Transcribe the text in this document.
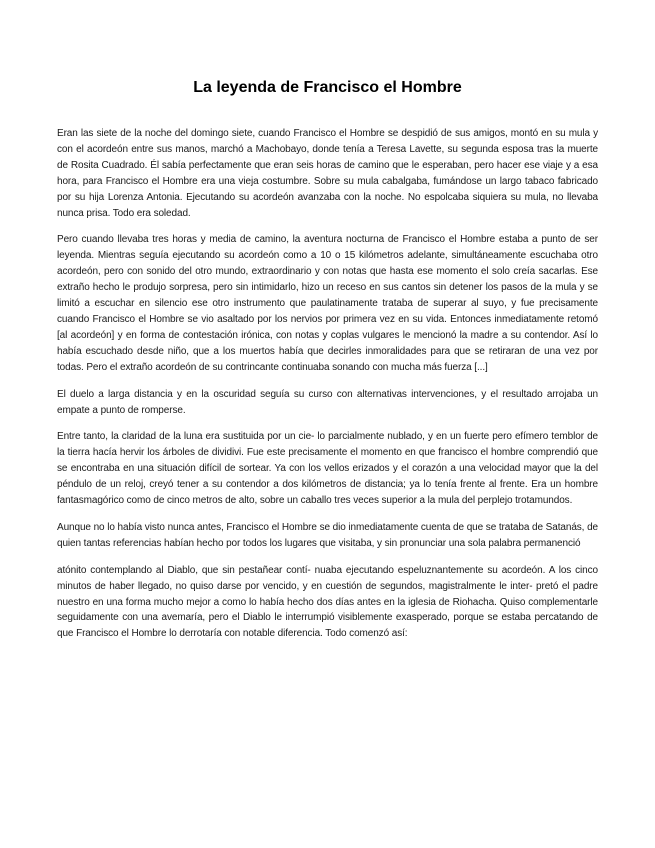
La leyenda de Francisco el Hombre

Eran las siete de la noche del domingo siete, cuando Francisco el Hombre se despidió de sus amigos, montó en su mula y con el acordeón entre sus manos, marchó a Machobayo, donde tenía a Teresa Lavette, su segunda esposa tras la muerte de Rosita Cuadrado. Él sabía perfectamente que eran seis horas de camino que le esperaban, pero hacer ese viaje y a esa hora, para Francisco el Hombre era una vieja costumbre. Sobre su mula cabalgaba, fumándose un largo tabaco fabricado por su hija Lorenza Antonia. Ejecutando su acordeón avanzaba con la noche. No espolcaba siquiera su mula, no llevaba nunca prisa. Todo era soledad.

Pero cuando llevaba tres horas y media de camino, la aventura nocturna de Francisco el Hombre estaba a punto de ser leyenda. Mientras seguía ejecutando su acordeón como a 10 o 15 kilómetros adelante, simultáneamente escuchaba otro acordeón, pero con sonido del otro mundo, extraordinario y con notas que hasta ese momento el solo creía sacarlas. Ese extraño hecho le produjo sorpresa, pero sin intimidarlo, hizo un receso en sus cantos sin detener los pasos de la mula y se limitó a escuchar en silencio ese otro instrumento que paulatinamente trataba de superar al suyo, y fue precisamente cuando Francisco el Hombre se vio asaltado por los nervios por primera vez en su vida. Entonces inmediatamente retomó [al acordeón] y en forma de contestación irónica, con notas y coplas vulgares le mencionó la madre a su contendor. Así lo había escuchado desde niño, que a los muertos había que decirles inmoralidades para que se retiraran de una vez por todas. Pero el extraño acordeón de su contrincante continuaba sonando con mucha más fuerza [...]

El duelo a larga distancia y en la oscuridad seguía su curso con alternativas intervenciones, y el resultado arrojaba un empate a punto de romperse.

Entre tanto, la claridad de la luna era sustituida por un cie- lo parcialmente nublado, y en un fuerte pero efímero temblor de la tierra hacía hervir los árboles de dividivi. Fue este precisamente el momento en que francisco el hombre comprendió que se encontraba en una situación difícil de sortear. Ya con los vellos erizados y el corazón a una velocidad mayor que la del péndulo de un reloj, creyó tener a su contendor a dos kilómetros de distancia; ya lo tenía frente al frente. Era un hombre fantasmagórico como de cinco metros de alto, sobre un caballo tres veces superior a la mula del perplejo trotamundos.

Aunque no lo había visto nunca antes, Francisco el Hombre se dio inmediatamente cuenta de que se trataba de Satanás, de quien tantas referencias habían hecho por todos los lugares que visitaba, y sin pronunciar una sola palabra permanenció

atónito contemplando al Diablo, que sin pestañear contí- nuaba ejecutando espeluznantemente su acordeón. A los cinco minutos de haber llegado, no quiso darse por vencido, y en cuestión de segundos, magistralmente le inter- pretó el padre nuestro en una forma mucho mejor a como lo había hecho dos días antes en la iglesia de Riohacha. Quiso complementarle seguidamente con una avemaría, pero el Diablo le interrumpió visiblemente exasperado, porque se estaba percatando de que Francisco el Hombre lo derrotaría con notable diferencia. Todo comenzó así:
